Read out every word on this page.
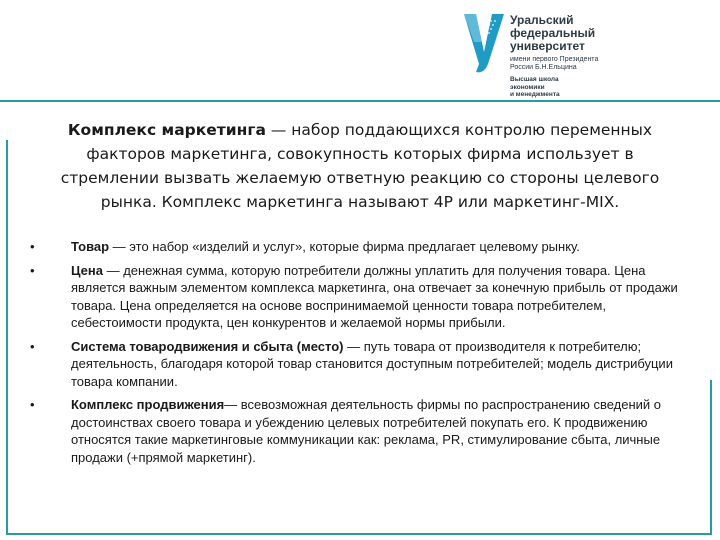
Уральский
федеральный
университет
имени первого Президента
России Б.Н.Ельцина
Высшая школа
экономики
и менеджмента

Комплекс маркетинга — набор поддающихся контролю переменных факторов маркетинга, совокупность которых фирма использует в стремлении вызвать желаемую ответную реакцию со стороны целевого рынка. Комплекс маркетинга называют 4Р или маркетинг-MIX.

•	Товар — это набор «изделий и услуг», которые фирма предлагает целевому рынку.
•	Цена — денежная сумма, которую потребители должны уплатить для получения товара. Цена является важным элементом комплекса маркетинга, она отвечает за конечную прибыль от продажи товара. Цена определяется на основе воспринимаемой ценности товара потребителем, себестоимости продукта, цен конкурентов и желаемой нормы прибыли.
•	Система товародвижения и сбыта (место) — путь товара от производителя к потребителю; деятельность, благодаря которой товар становится доступным потребителей; модель дистрибуции товара компании.
•	Комплекс продвижения— всевозможная деятельность фирмы по распространению сведений о достоинствах своего товара и убеждению целевых потребителей покупать его. К продвижению относятся такие маркетинговые коммуникации как: реклама, PR, стимулирование сбыта, личные продажи (+прямой маркетинг).
